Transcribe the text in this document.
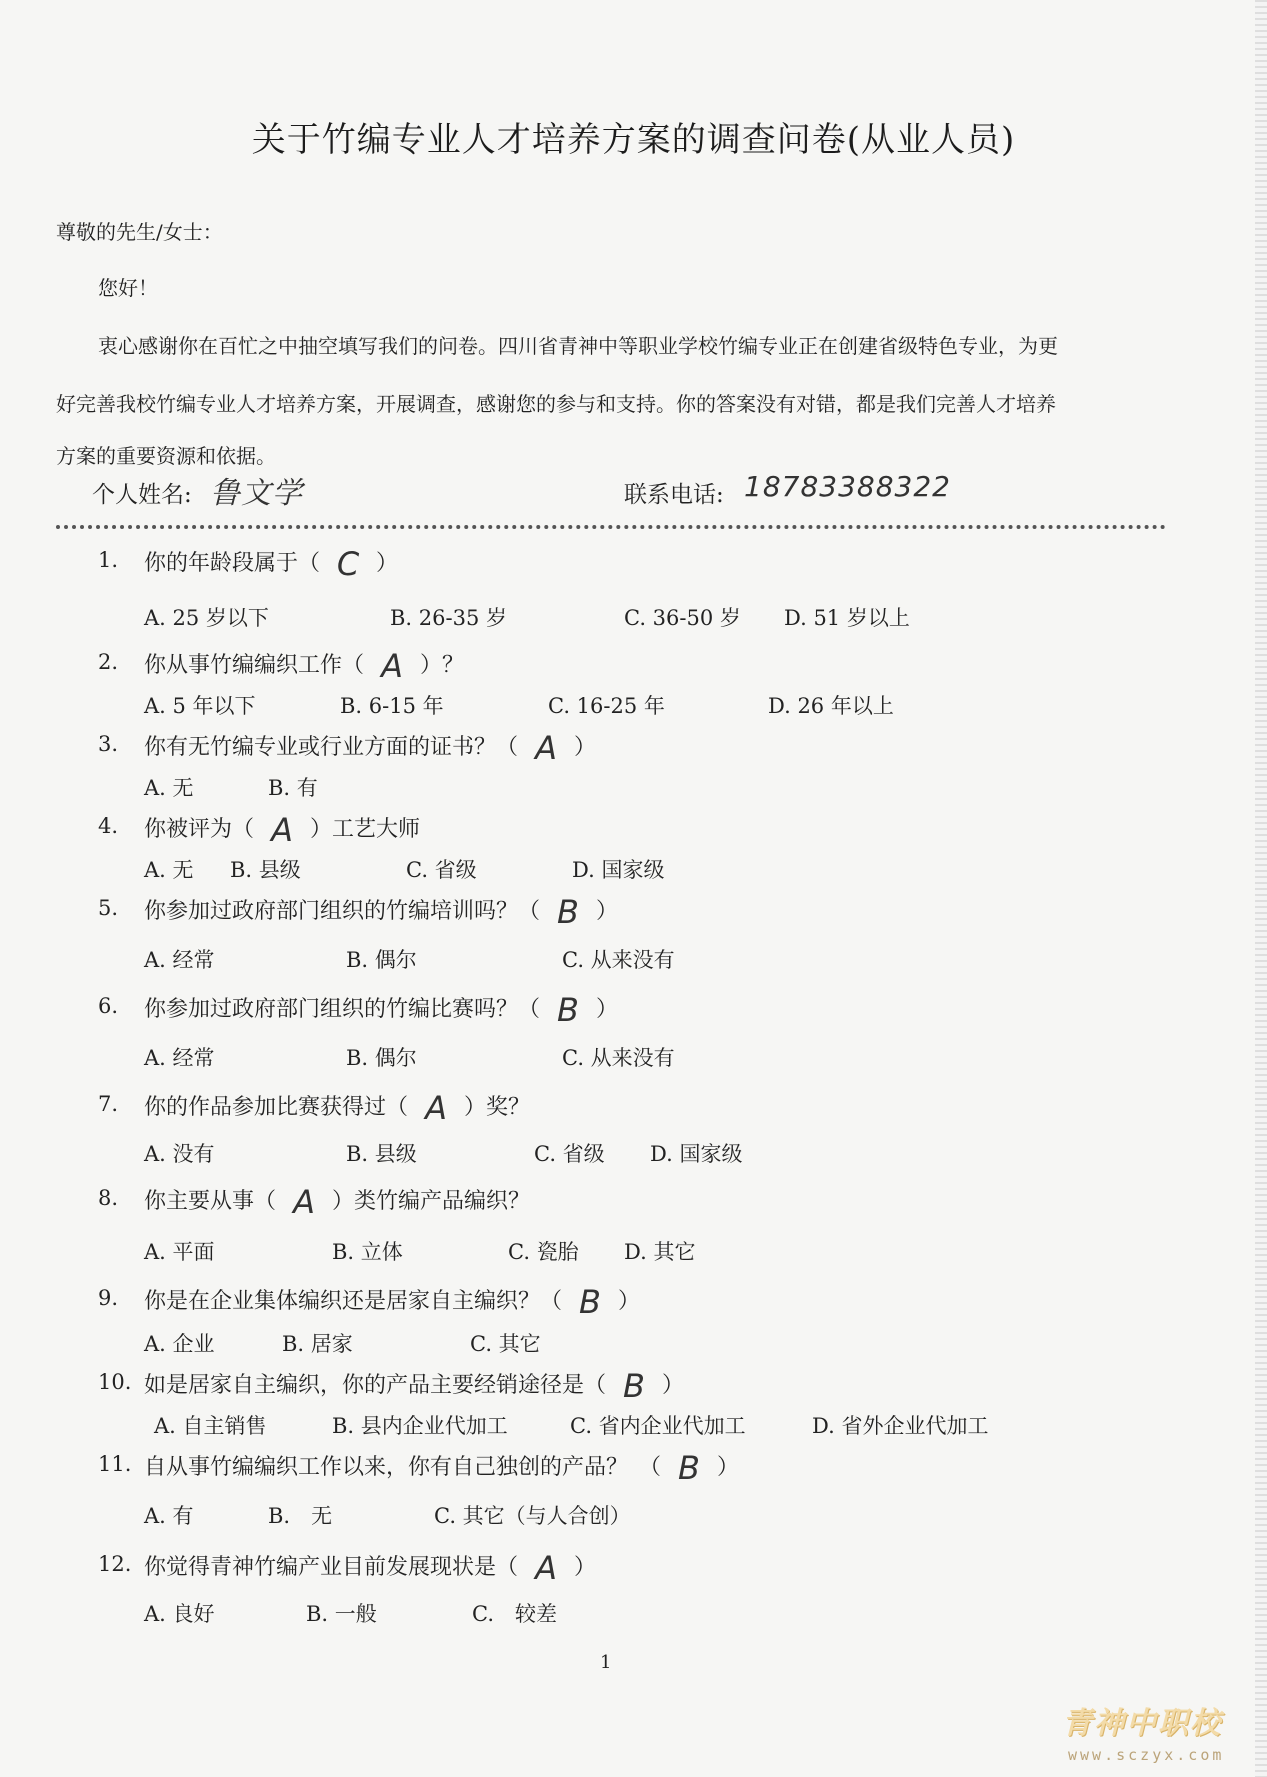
关于竹编专业人才培养方案的调查问卷(从业人员)
尊敬的先生/女士：
您好！
衷心感谢你在百忙之中抽空填写我们的问卷。四川省青神中等职业学校竹编专业正在创建省级特色专业，为更
好完善我校竹编专业人才培养方案，开展调查，感谢您的参与和支持。你的答案没有对错，都是我们完善人才培养
方案的重要资源和依据。
个人姓名: 鲁文学	联系电话: 18783388322
1. 你的年龄段属于（ C ）
A. 25 岁以下	B. 26-35 岁	C. 36-50 岁 D. 51 岁以上
2. 你从事竹编编织工作（ A ）？
A. 5 年以下	B. 6-15 年	C. 16-25 年	D. 26 年以上
3. 你有无竹编专业或行业方面的证书？（ A ）
A. 无	B. 有
4. 你被评为（ A ）工艺大师
A. 无 B. 县级	C. 省级	D. 国家级
5. 你参加过政府部门组织的竹编培训吗？（ B ）
A. 经常	B. 偶尔	C. 从来没有
6. 你参加过政府部门组织的竹编比赛吗？（ B ）
A. 经常	B. 偶尔	C. 从来没有
7. 你的作品参加比赛获得过（ A ）奖？
A. 没有	B. 县级	C. 省级 D. 国家级
8. 你主要从事（ A ）类竹编产品编织？
A. 平面	B. 立体	C. 瓷胎 D. 其它
9. 你是在企业集体编织还是居家自主编织？（ B ）
A. 企业	B. 居家	C. 其它
10. 如是居家自主编织，你的产品主要经销途径是（ B ）
A. 自主销售	B. 县内企业代加工	C. 省内企业代加工	D. 省外企业代加工
11. 自从事竹编编织工作以来，你有自己独创的产品？　（ B ）
A. 有	B.　无	C. 其它（与人合创）
12. 你觉得青神竹编产业目前发展现状是（ A ）
A. 良好	B. 一般	C.　较差
1
青神中职校
www.sczyx.com
